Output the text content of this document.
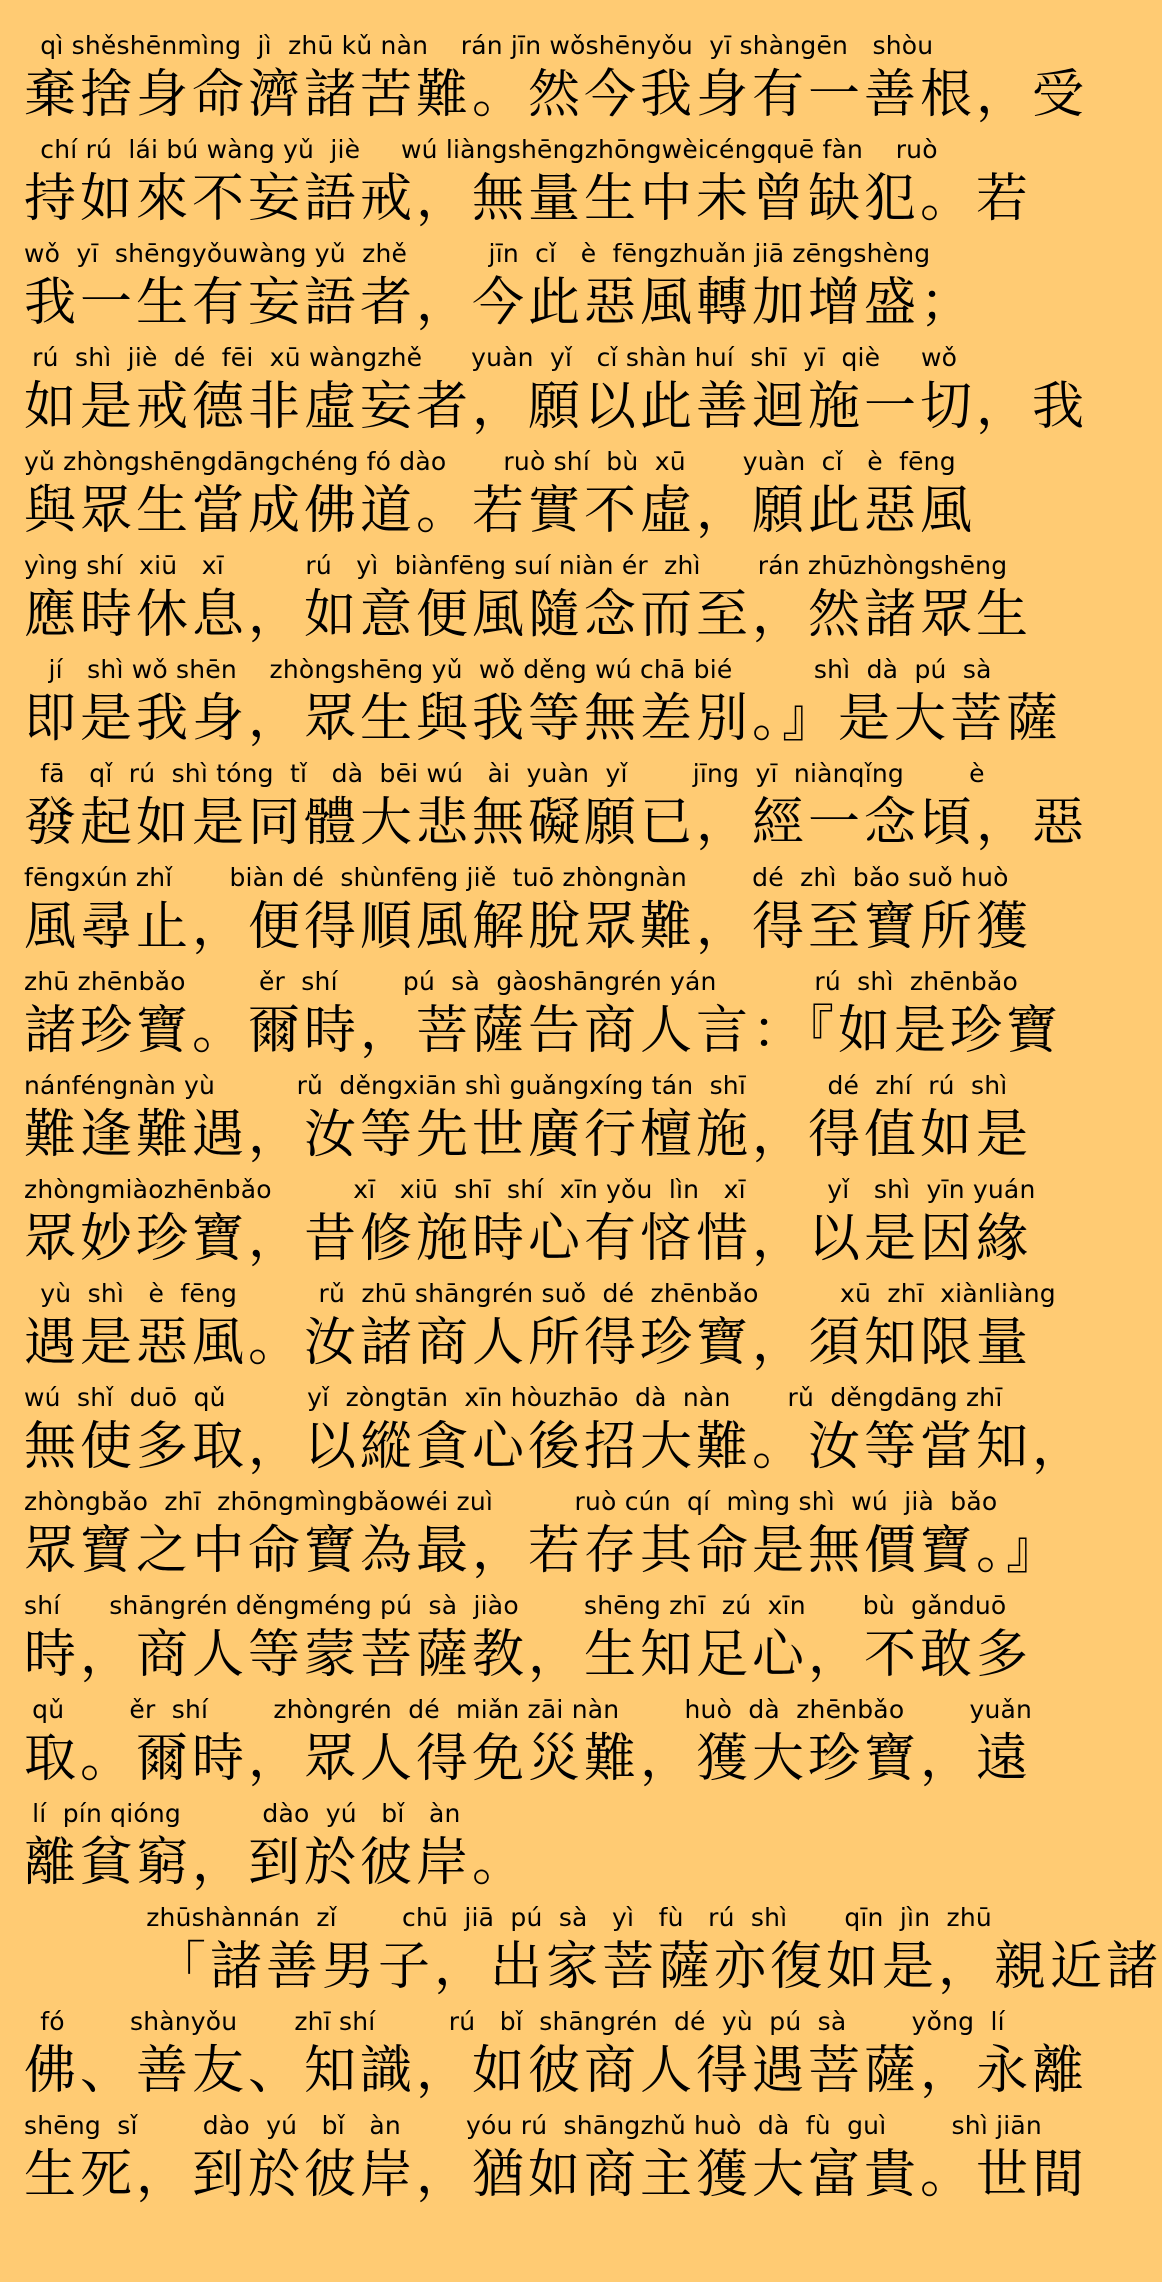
qì shěshēnmìng  jì  zhū kǔ nàn    rán jīn wǒshēnyǒu  yī shàngēn   shòu
棄捨身命濟諸苦難。然今我身有一善根，受
chí rú  lái bú wàng yǔ  jiè     wú liàngshēngzhōngwèicéngquē fàn    ruò
持如來不妄語戒，無量生中未曾缺犯。若
wǒ  yī  shēngyǒuwàng yǔ  zhě          jīn  cǐ   è  fēngzhuǎn jiā zēngshèng
我一生有妄語者，今此惡風轉加增盛；
rú  shì  jiè  dé  fēi  xū wàngzhě      yuàn  yǐ   cǐ shàn huí  shī  yī  qiè     wǒ
如是戒德非虛妄者，願以此善迴施一切，我
yǔ zhòngshēngdāngchéng fó dào       ruò shí  bù  xū       yuàn  cǐ   è  fēng
與眾生當成佛道。若實不虛，願此惡風
yìng shí  xiū   xī          rú   yì  biànfēng suí niàn ér  zhì       rán zhūzhòngshēng
應時休息，如意便風隨念而至，然諸眾生
jí   shì wǒ shēn    zhòngshēng yǔ  wǒ děng wú chā bié          shì  dà  pú  sà
即是我身，眾生與我等無差別。』是大菩薩
fā   qǐ  rú  shì tóng  tǐ   dà  bēi wú   ài  yuàn  yǐ        jīng  yī  niànqǐng        è
發起如是同體大悲無礙願已，經一念頃，惡
fēngxún zhǐ       biàn dé  shùnfēng jiě  tuō zhòngnàn        dé  zhì  bǎo suǒ huò
風尋止，便得順風解脫眾難，得至寶所獲
zhū zhēnbǎo         ěr  shí        pú  sà  gàoshāngrén yán            rú  shì  zhēnbǎo
諸珍寶。爾時，菩薩告商人言：『如是珍寶
nánféngnàn yù          rǔ  děngxiān shì guǎngxíng tán  shī          dé  zhí  rú  shì
難逢難遇，汝等先世廣行檀施，得值如是
zhòngmiàozhēnbǎo          xī   xiū  shī  shí  xīn yǒu  lìn   xī          yǐ   shì  yīn yuán
眾妙珍寶，昔修施時心有悋惜，以是因緣
yù  shì   è  fēng          rǔ  zhū shāngrén suǒ  dé  zhēnbǎo          xū  zhī  xiànliàng
遇是惡風。汝諸商人所得珍寶，須知限量
wú  shǐ  duō  qǔ          yǐ  zòngtān  xīn hòuzhāo  dà  nàn       rǔ  děngdāng zhī
無使多取，以縱貪心後招大難。汝等當知，
zhòngbǎo  zhī  zhōngmìngbǎowéi zuì          ruò cún  qí  mìng shì  wú  jià  bǎo
眾寶之中命寶為最，若存其命是無價寶。』
shí      shāngrén děngméng pú  sà  jiào        shēng zhī  zú  xīn       bù  gǎnduō
時，商人等蒙菩薩教，生知足心，不敢多
qǔ        ěr  shí        zhòngrén  dé  miǎn zāi nàn        huò  dà  zhēnbǎo        yuǎn
取。爾時，眾人得免災難，獲大珍寶，遠
lí  pín qióng          dào  yú   bǐ   àn
離貧窮，到於彼岸。
zhūshànnán  zǐ        chū  jiā  pú  sà   yì   fù   rú  shì       qīn  jìn  zhū
「諸善男子，出家菩薩亦復如是，親近諸
fó        shànyǒu       zhī shí         rú   bǐ  shāngrén  dé  yù  pú  sà        yǒng  lí
佛、善友、知識，如彼商人得遇菩薩，永離
shēng  sǐ        dào  yú   bǐ   àn        yóu rú  shāngzhǔ huò  dà  fù  guì        shì jiān
生死，到於彼岸，猶如商主獲大富貴。世間
